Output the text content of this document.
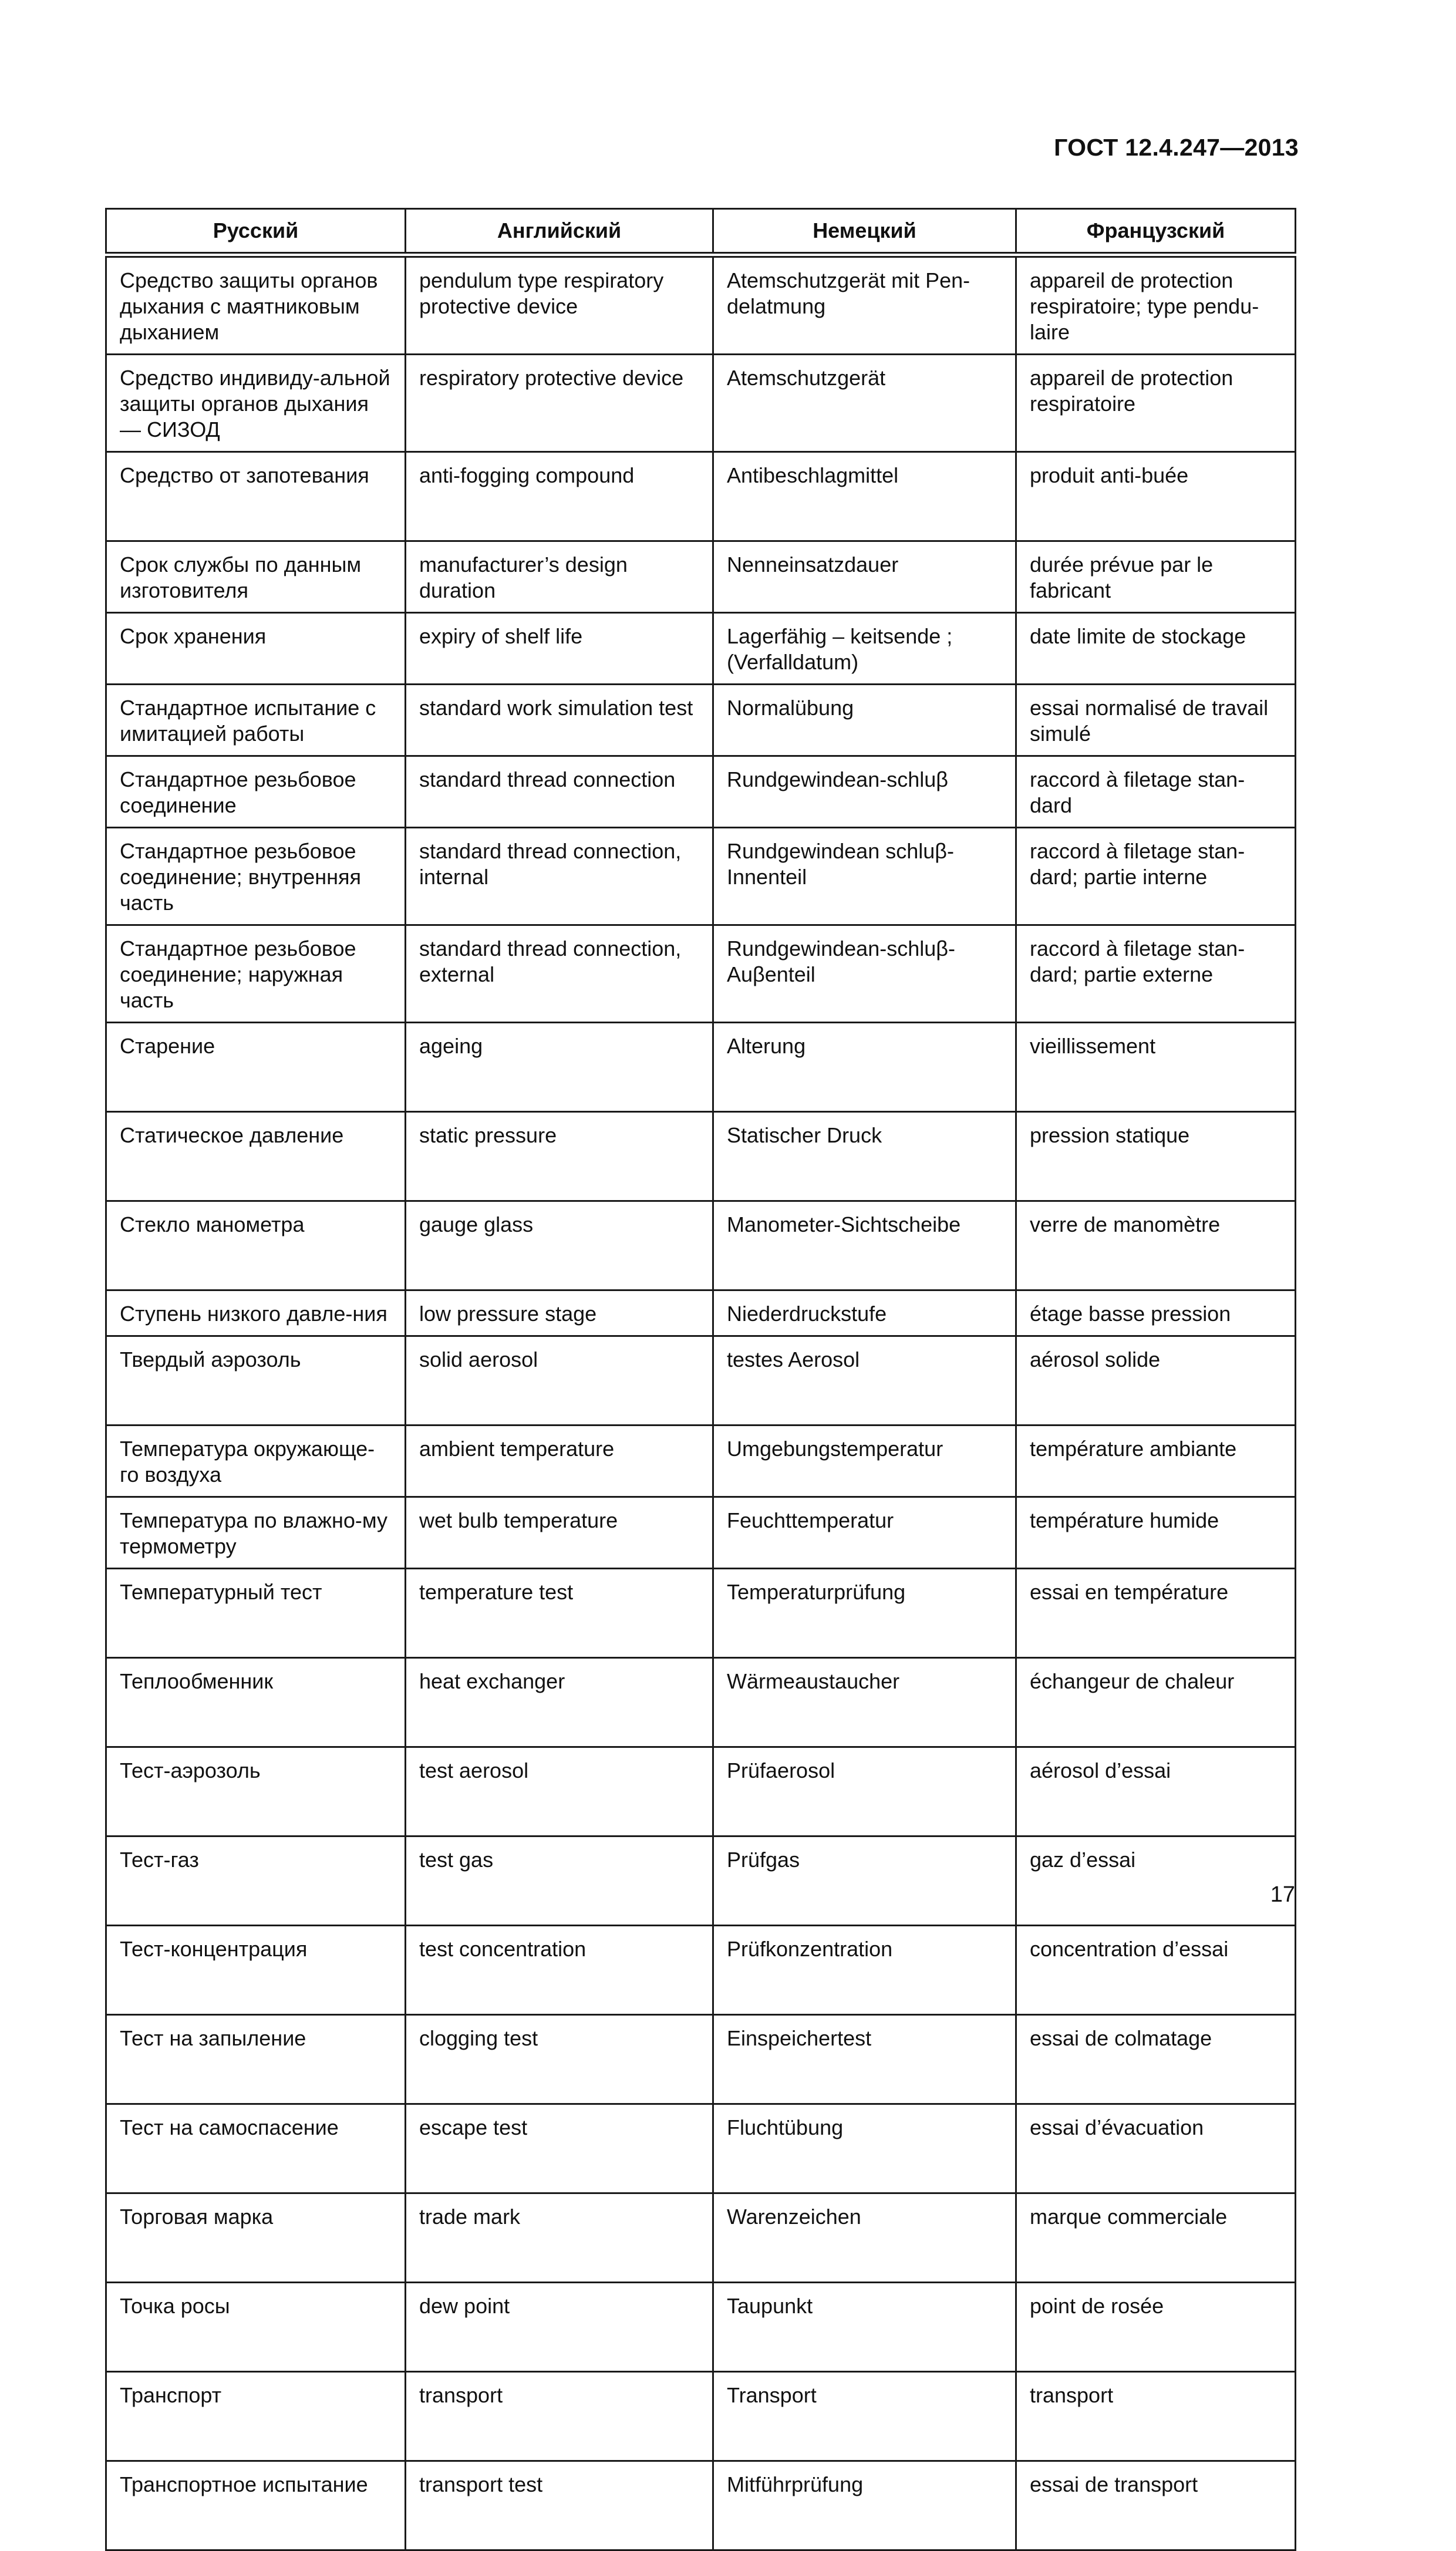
ГОСТ 12.4.247—2013
Русский	Английский	Немецкий	Французский
Средство защиты органов дыхания с маятниковым дыханием	pendulum type respiratory protective device	Atemschutzgerät mit Pen-delatmung	appareil de protection respiratoire; type pendu-laire
Средство индивиду-альной защиты органов дыхания — СИЗОД	respiratory protective device	Atemschutzgerät	appareil de protection respiratoire
Средство от запотевания	anti-fogging compound	Antibeschlagmittel	produit anti-buée
Срок службы по данным изготовителя	manufacturer’s design duration	Nenneinsatzdauer	durée prévue par le fabricant
Срок хранения	expiry of shelf life	Lagerfähig – keitsende ; (Verfalldatum)	date limite de stockage
Стандартное испытание с имитацией работы	standard work simulation test	Normalübung	essai normalisé de travail simulé
Стандартное резьбовое соединение	standard thread connection	Rundgewindean-schluβ	raccord à filetage stan-dard
Стандартное резьбовое соединение; внутренняя часть	standard thread connection, internal	Rundgewindean schluβ-Innenteil	raccord à filetage stan-dard; partie interne
Стандартное резьбовое соединение; наружная часть	standard thread connection, external	Rundgewindean-schluβ-Auβenteil	raccord à filetage stan-dard; partie externe
Старение	ageing	Alterung	vieillissement
Статическое давление	static pressure	Statischer Druck	pression statique
Стекло манометра	gauge glass	Manometer-Sichtscheibe	verre de manomètre
Ступень низкого давле-ния	low pressure stage	Niederdruckstufe	étage basse pression
Твердый аэрозоль	solid aerosol	testes Aerosol	aérosol solide
Температура окружающе-го воздуха	ambient temperature	Umgebungstemperatur	température ambiante
Температура по влажно-му термометру	wet bulb temperature	Feuchttemperatur	température humide
Температурный тест	temperature test	Temperaturprüfung	essai en température
Теплообменник	heat exchanger	Wärmeaustaucher	échangeur de chaleur
Тест-аэрозоль	test aerosol	Prüfaerosol	aérosol d’essai
Тест-газ	test gas	Prüfgas	gaz d’essai
Тест-концентрация	test concentration	Prüfkonzentration	concentration d’essai
Тест на запыление	clogging test	Einspeichertest	essai de colmatage
Тест на самоспасение	escape test	Fluchtübung	essai d’évacuation
Торговая марка	trade mark	Warenzeichen	marque commerciale
Точка росы	dew point	Taupunkt	point de rosée
Транспорт	transport	Transport	transport
Транспортное испытание	transport test	Mitführprüfung	essai de transport
17
